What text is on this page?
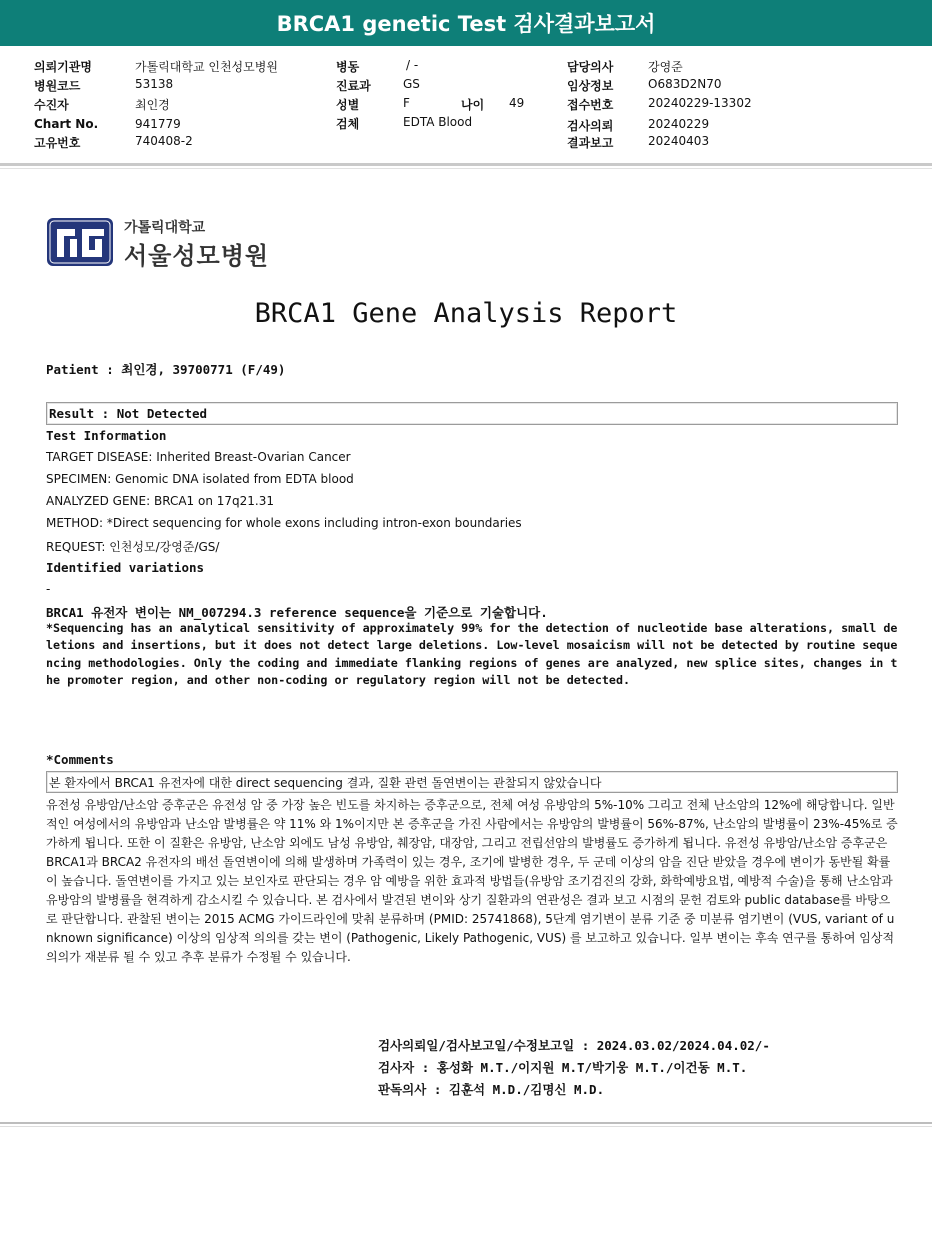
BRCA1 genetic Test 검사결과보고서
의뢰기관명	가톨릭대학교 인천성모병원
병원코드	53138
수진자	최인경
Chart No.	941779
고유번호	740408-2
병동	/ -
진료과	GS
성별	F	나이 49
검체	EDTA Blood
담당의사	강영준
임상정보	O683D2N70
접수번호	20240229-13302
검사의뢰	20240229
결과보고	20240403
가톨릭대학교
서울성모병원
BRCA1 Gene Analysis Report
Patient : 최인경, 39700771 (F/49)
Result : Not Detected
Test Information
TARGET DISEASE: Inherited Breast-Ovarian Cancer
SPECIMEN: Genomic DNA isolated from EDTA blood
ANALYZED GENE: BRCA1 on 17q21.31
METHOD: *Direct sequencing for whole exons including intron-exon boundaries
REQUEST: 인천성모/강영준/GS/
Identified variations
-
BRCA1 유전자 변이는 NM_007294.3 reference sequence을 기준으로 기술합니다.
*Sequencing has an analytical sensitivity of approximately 99% for the detection of nucleotide base alterations, small deletions and insertions, but it does not detect large deletions. Low-level mosaicism will not be detected by routine sequencing methodologies. Only the coding and immediate flanking regions of genes are analyzed, new splice sites, changes in the promoter region, and other non-coding or regulatory region will not be detected.
*Comments
본 환자에서 BRCA1 유전자에 대한 direct sequencing 결과, 질환 관련 돌연변이는 관찰되지 않았습니다
유전성 유방암/난소암 증후군은 유전성 암 중 가장 높은 빈도를 차지하는 증후군으로, 전체 여성 유방암의 5%-10% 그리고 전체 난소암의 12%에 해당합니다. 일반적인 여성에서의 유방암과 난소암 발병률은 약 11% 와 1%이지만 본 증후군을 가진 사람에서는 유방암의 발병률이 56%-87%, 난소암의 발병률이 23%-45%로 증가하게 됩니다. 또한 이 질환은 유방암, 난소암 외에도 남성 유방암, 췌장암, 대장암, 그리고 전립선암의 발병률도 증가하게 됩니다. 유전성 유방암/난소암 증후군은 BRCA1과 BRCA2 유전자의 배선 돌연변이에 의해 발생하며 가족력이 있는 경우, 조기에 발병한 경우, 두 군데 이상의 암을 진단 받았을 경우에 변이가 동반될 확률이 높습니다. 돌연변이를 가지고 있는 보인자로 판단되는 경우 암 예방을 위한 효과적 방법들(유방암 조기검진의 강화, 화학예방요법, 예방적 수술)을 통해 난소암과 유방암의 발병률을 현격하게 감소시킬 수 있습니다. 본 검사에서 발견된 변이와 상기 질환과의 연관성은 결과 보고 시점의 문헌 검토와 public database를 바탕으로 판단합니다. 관찰된 변이는 2015 ACMG 가이드라인에 맞춰 분류하며 (PMID: 25741868), 5단계 염기변이 분류 기준 중 미분류 염기변이 (VUS, variant of unknown significance) 이상의 임상적 의의를 갖는 변이 (Pathogenic, Likely Pathogenic, VUS) 를 보고하고 있습니다. 일부 변이는 후속 연구를 통하여 임상적 의의가 재분류 될 수 있고 추후 분류가 수정될 수 있습니다.
검사의뢰일/검사보고일/수정보고일 : 2024.03.02/2024.04.02/-
검사자 : 홍성화 M.T./이지원 M.T/박기웅 M.T./이건동 M.T.
판독의사 : 김훈석 M.D./김명신 M.D.
